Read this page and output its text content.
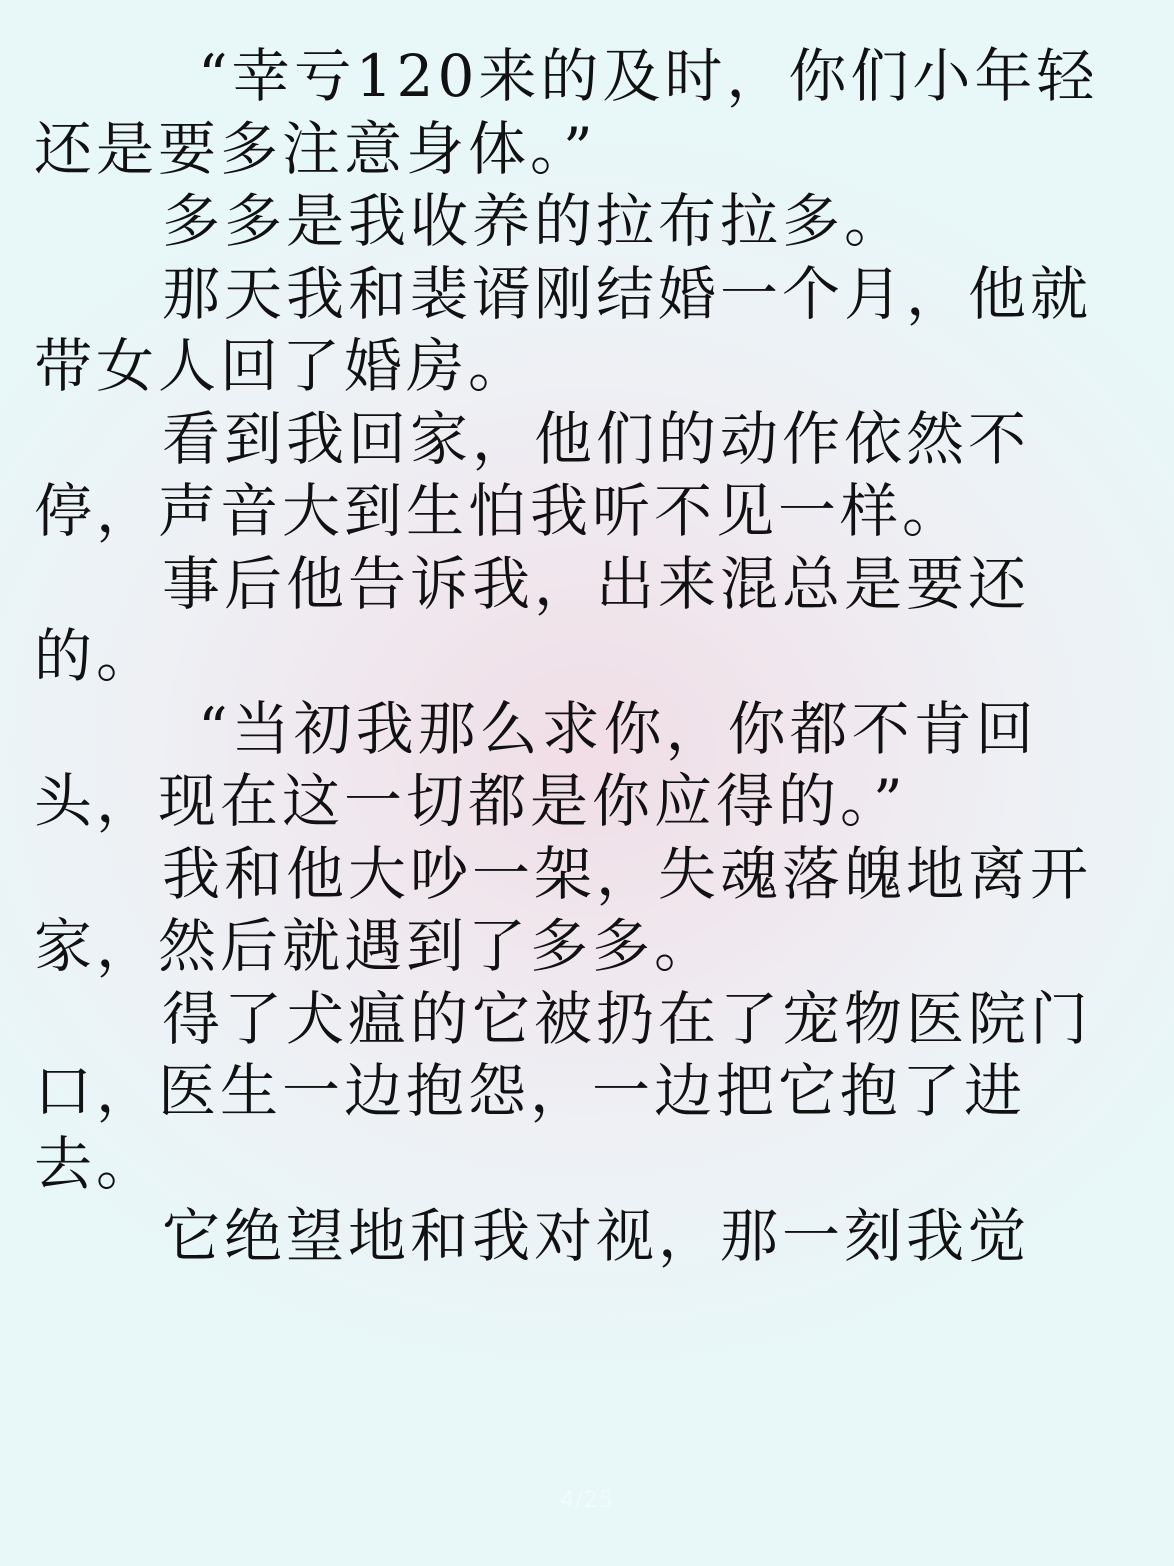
“幸亏120来的及时，你们小年轻还是要多注意身体。”

多多是我收养的拉布拉多。

那天我和裴谞刚结婚一个月，他就带女人回了婚房。

看到我回家，他们的动作依然不停，声音大到生怕我听不见一样。

事后他告诉我，出来混总是要还的。

“当初我那么求你，你都不肯回头，现在这一切都是你应得的。”

我和他大吵一架，失魂落魄地离开家，然后就遇到了多多。

得了犬瘟的它被扔在了宠物医院门口，医生一边抱怨，一边把它抱了进去。

它绝望地和我对视，那一刻我觉

4/25
